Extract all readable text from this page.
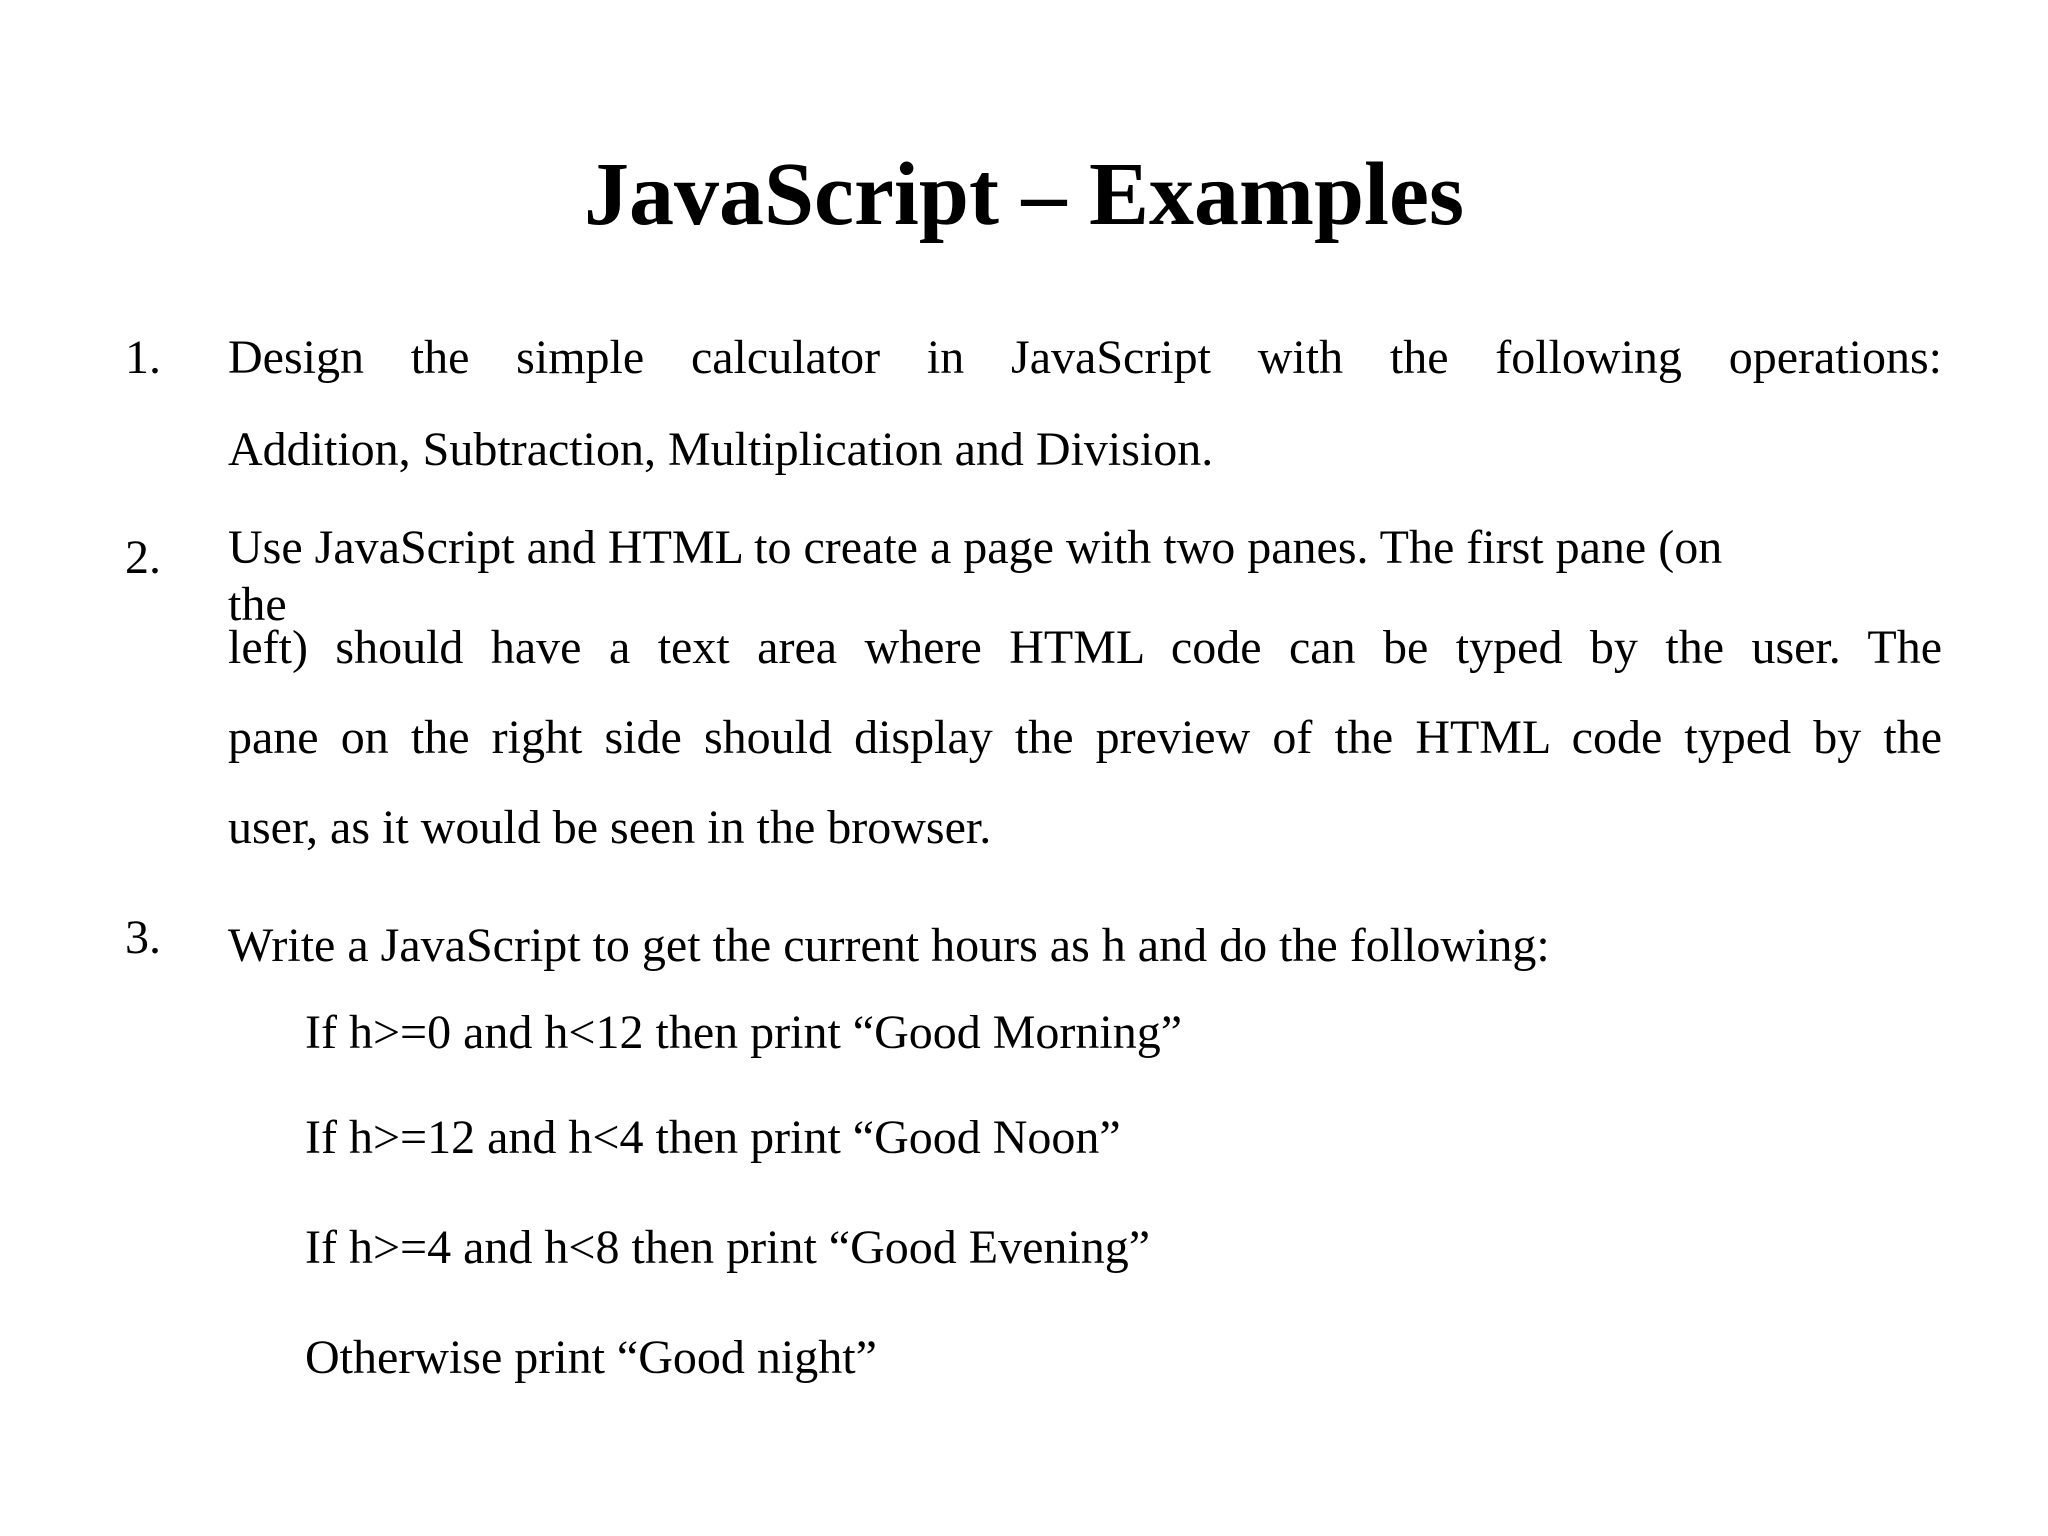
JavaScript – Examples
1. Design the simple calculator in JavaScript with the following operations:
Addition, Subtraction, Multiplication and Division.
2. Use JavaScript and HTML to create a page with two panes. The first pane (on
the
left) should have a text area where HTML code can be typed by the user. The
pane on the right side should display the preview of the HTML code typed by the
user, as it would be seen in the browser.
3. Write a JavaScript to get the current hours as h and do the following:
If h>=0 and h<12 then print “Good Morning”
If h>=12 and h<4 then print “Good Noon”
If h>=4 and h<8 then print “Good Evening”
Otherwise print “Good night”
